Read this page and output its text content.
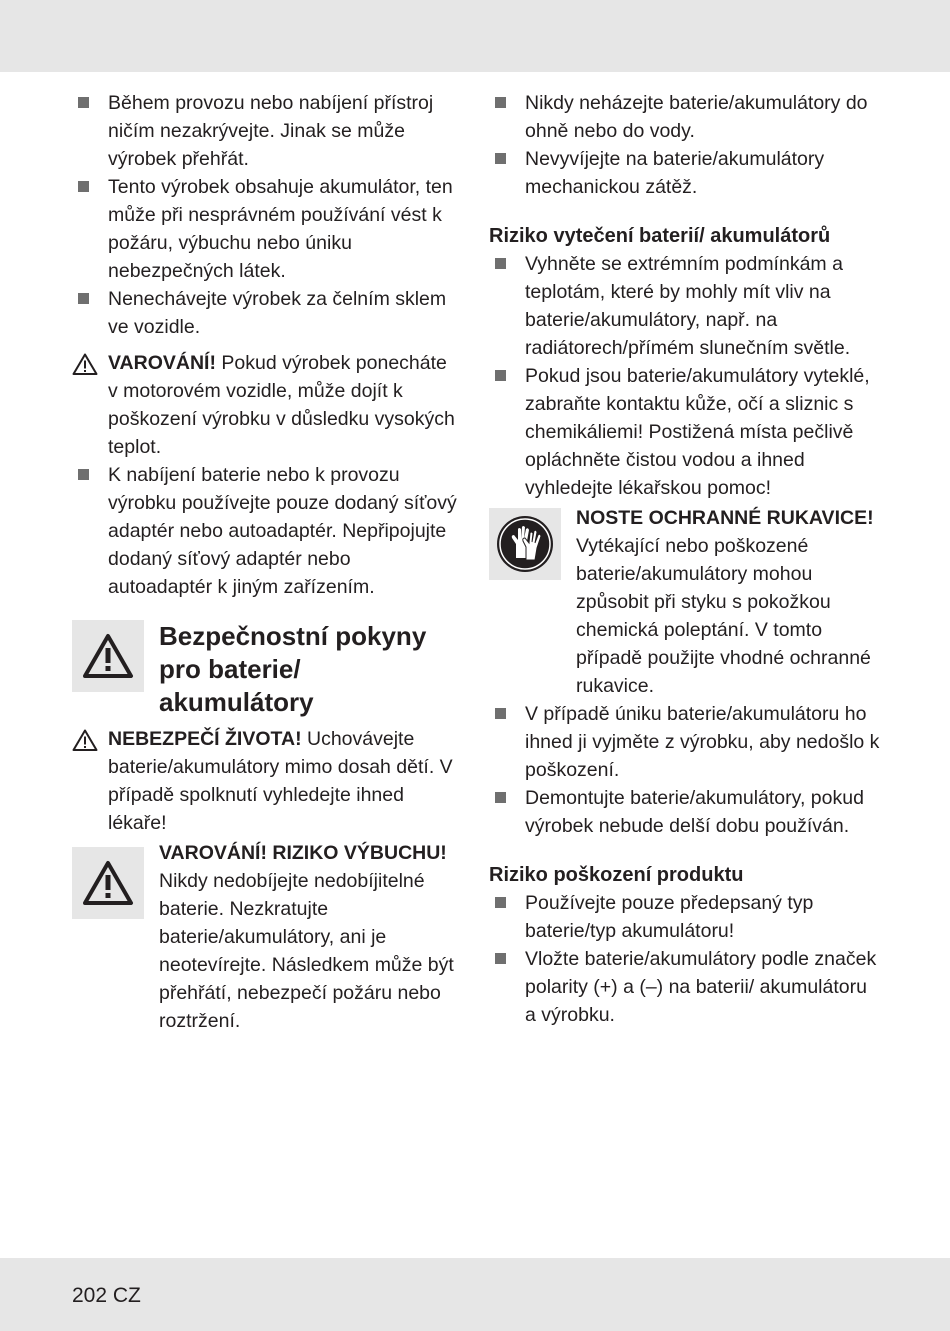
Během provozu nebo nabíjení přístroj ničím nezakrývejte. Jinak se může výrobek přehřát.

Tento výrobek obsahuje akumulátor, ten může při nesprávném používání vést k požáru, výbuchu nebo úniku nebezpečných látek.

Nenechávejte výrobek za čelním sklem ve vozidle.

VAROVÁNÍ! Pokud výrobek ponecháte v motorovém vozidle, může dojít k poškození výrobku v důsledku vysokých teplot.

K nabíjení baterie nebo k provozu výrobku používejte pouze dodaný síťový adaptér nebo autoadaptér. Nepřipojujte dodaný síťový adaptér nebo autoadaptér k jiným zařízením.

Bezpečnostní pokyny pro baterie/ akumulátory

NEBEZPEČÍ ŽIVOTA! Uchovávejte baterie/akumulátory mimo dosah dětí. V případě spolknutí vyhledejte ihned lékaře!

VAROVÁNÍ! RIZIKO VÝBUCHU! Nikdy nedobíjejte nedobíjitelné baterie. Nezkratujte baterie/akumulátory, ani je neotevírejte. Následkem může být přehřátí, nebezpečí požáru nebo roztržení.

Nikdy neházejte baterie/akumulátory do ohně nebo do vody.

Nevyvíjejte na baterie/akumulátory mechanickou zátěž.

Riziko vytečení baterií/ akumulátorů

Vyhněte se extrémním podmínkám a teplotám, které by mohly mít vliv na baterie/akumulátory, např. na radiátorech/přímém slunečním světle.

Pokud jsou baterie/akumulátory vyteklé, zabraňte kontaktu kůže, očí a sliznic s chemikáliemi! Postižená místa pečlivě opláchněte čistou vodou a ihned vyhledejte lékařskou pomoc!

NOSTE OCHRANNÉ RUKAVICE! Vytékající nebo poškozené baterie/akumulátory mohou způsobit při styku s pokožkou chemická poleptání. V tomto případě použijte vhodné ochranné rukavice.

V případě úniku baterie/akumulátoru ho ihned ji vyjměte z výrobku, aby nedošlo k poškození.

Demontujte baterie/akumulátory, pokud výrobek nebude delší dobu používán.

Riziko poškození produktu

Používejte pouze předepsaný typ baterie/typ akumulátoru!

Vložte baterie/akumulátory podle značek polarity (+) a (–) na baterii/ akumulátoru a výrobku.

202 CZ
